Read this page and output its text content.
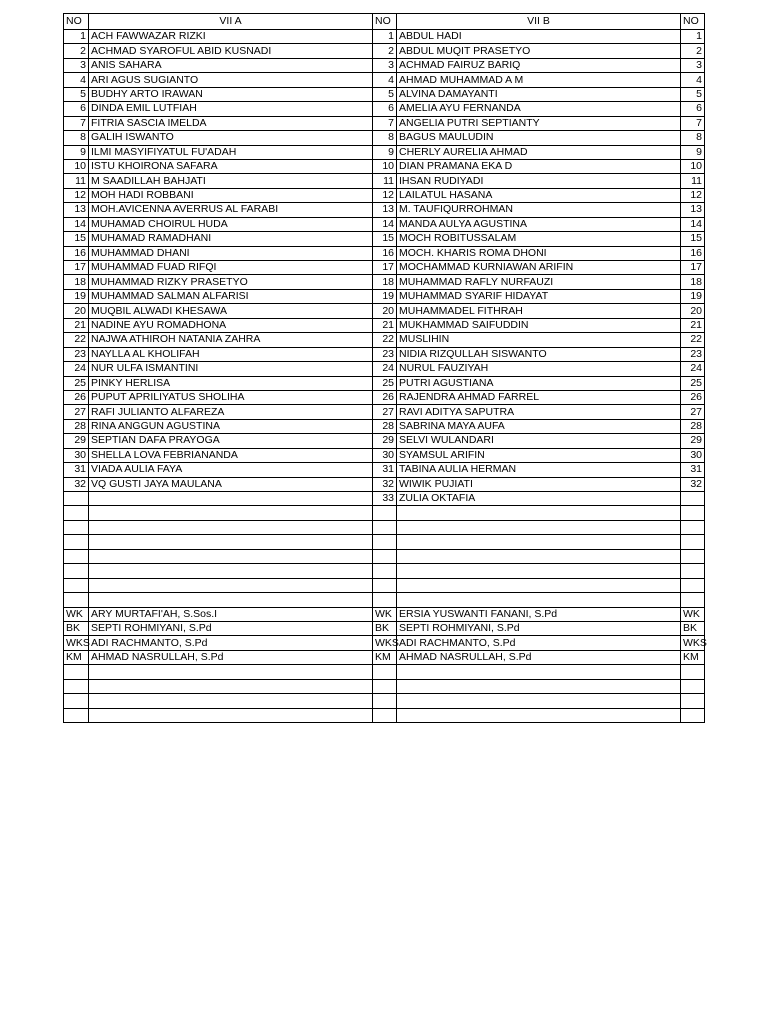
NO	VII A	NO	VII B	NO
1	ACH FAWWAZAR RIZKI	1	ABDUL HADI	1
2	ACHMAD SYAROFUL ABID KUSNADI	2	ABDUL MUQIT PRASETYO	2
3	ANIS SAHARA	3	ACHMAD FAIRUZ BARIQ	3
4	ARI AGUS SUGIANTO	4	AHMAD MUHAMMAD A M	4
5	BUDHY ARTO IRAWAN	5	ALVINA DAMAYANTI	5
6	DINDA EMIL LUTFIAH	6	AMELIA AYU FERNANDA	6
7	FITRIA SASCIA IMELDA	7	ANGELIA PUTRI SEPTIANTY	7
8	GALIH ISWANTO	8	BAGUS MAULUDIN	8
9	ILMI MASYIFIYATUL FU'ADAH	9	CHERLY AURELIA AHMAD	9
10	ISTU KHOIRONA SAFARA	10	DIAN PRAMANA EKA D	10
11	M SAADILLAH BAHJATI	11	IHSAN RUDIYADI	11
12	MOH HADI ROBBANI	12	LAILATUL HASANA	12
13	MOH.AVICENNA AVERRUS AL FARABI	13	M. TAUFIQURROHMAN	13
14	MUHAMAD CHOIRUL HUDA	14	MANDA AULYA AGUSTINA	14
15	MUHAMAD RAMADHANI	15	MOCH ROBITUSSALAM	15
16	MUHAMMAD DHANI	16	MOCH. KHARIS ROMA DHONI	16
17	MUHAMMAD FUAD RIFQI	17	MOCHAMMAD KURNIAWAN ARIFIN	17
18	MUHAMMAD RIZKY PRASETYO	18	MUHAMMAD RAFLY NURFAUZI	18
19	MUHAMMAD SALMAN ALFARISI	19	MUHAMMAD SYARIF HIDAYAT	19
20	MUQBIL ALWADI KHESAWA	20	MUHAMMADEL FITHRAH	20
21	NADINE AYU ROMADHONA	21	MUKHAMMAD SAIFUDDIN	21
22	NAJWA ATHIROH NATANIA ZAHRA	22	MUSLIHIN	22
23	NAYLLA AL KHOLIFAH	23	NIDIA RIZQULLAH SISWANTO	23
24	NUR ULFA ISMANTINI	24	NURUL FAUZIYAH	24
25	PINKY HERLISA	25	PUTRI AGUSTIANA	25
26	PUPUT APRILIYATUS SHOLIHA	26	RAJENDRA AHMAD FARREL	26
27	RAFI JULIANTO ALFAREZA	27	RAVI ADITYA SAPUTRA	27
28	RINA ANGGUN AGUSTINA	28	SABRINA MAYA AUFA	28
29	SEPTIAN DAFA PRAYOGA	29	SELVI WULANDARI	29
30	SHELLA LOVA FEBRIANANDA	30	SYAMSUL ARIFIN	30
31	VIADA AULIA FAYA	31	TABINA AULIA HERMAN	31
32	VQ GUSTI JAYA MAULANA	32	WIWIK PUJIATI	32
		33	ZULIA OKTAFIA	

WK	ARY MURTAFI'AH, S.Sos.I	WK	ERSIA YUSWANTI FANANI, S.Pd	WK
BK	SEPTI ROHMIYANI, S.Pd	BK	SEPTI ROHMIYANI, S.Pd	BK
WKS	ADI RACHMANTO, S.Pd	WKS	ADI RACHMANTO, S.Pd	WKS
KM	AHMAD NASRULLAH, S.Pd	KM	AHMAD NASRULLAH, S.Pd	KM
